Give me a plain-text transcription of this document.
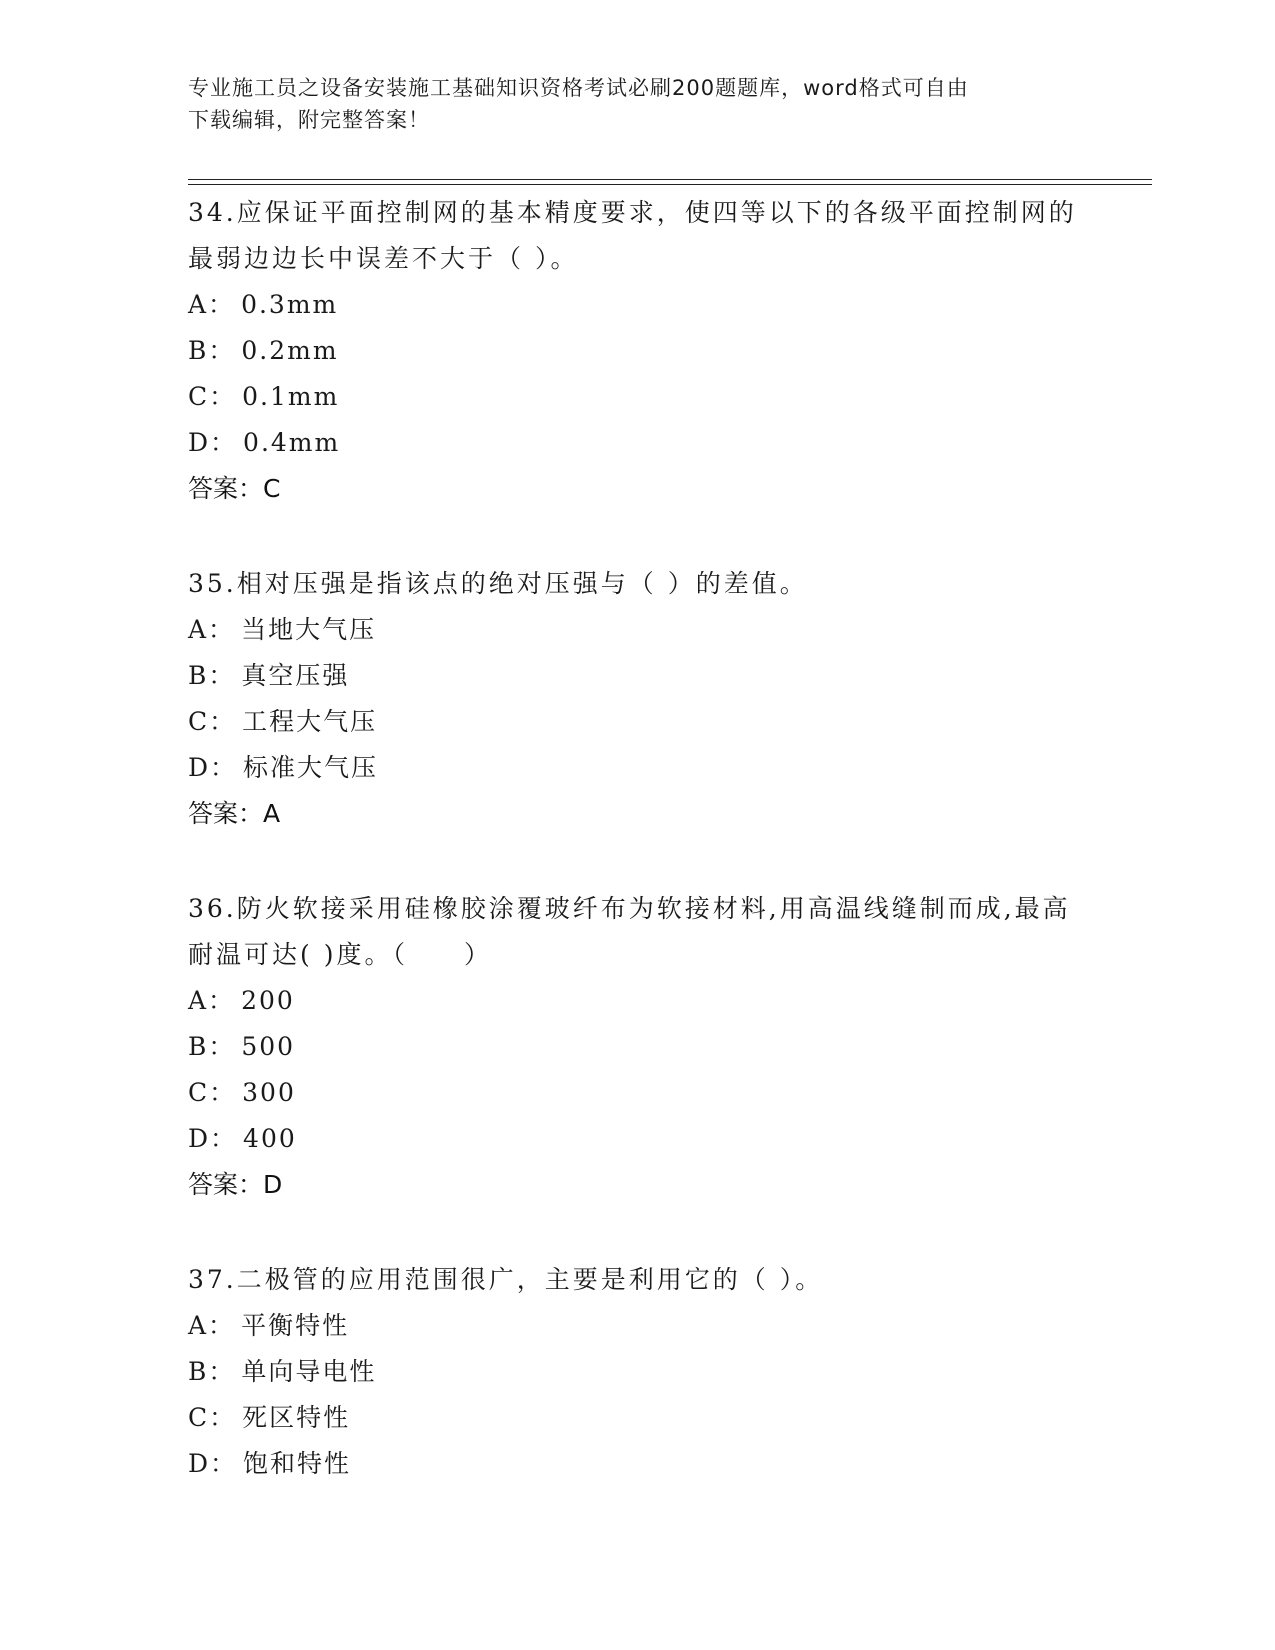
专业施工员之设备安装施工基础知识资格考试必刷200题题库，word格式可自由
下载编辑，附完整答案！
34.应保证平面控制网的基本精度要求，使四等以下的各级平面控制网的最弱边边长中误差不大于（ ）。
A： 0.3mm
B： 0.2mm
C： 0.1mm
D： 0.4mm
答案：C
35.相对压强是指该点的绝对压强与（ ）的差值。
A： 当地大气压
B： 真空压强
C： 工程大气压
D： 标准大气压
答案：A
36.防火软接采用硅橡胶涂覆玻纤布为软接材料,用高温线缝制而成,最高耐温可达( )度。（　　）
A： 200
B： 500
C： 300
D： 400
答案：D
37.二极管的应用范围很广，主要是利用它的（ ）。
A： 平衡特性
B： 单向导电性
C： 死区特性
D： 饱和特性
